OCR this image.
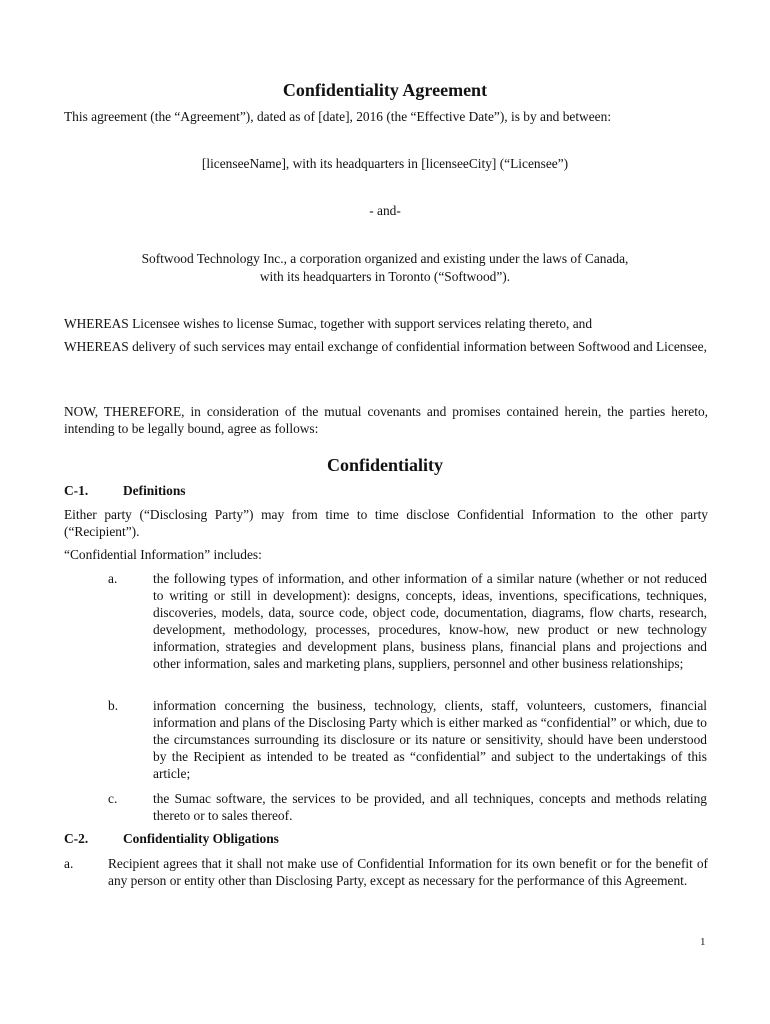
Confidentiality Agreement
This agreement (the “Agreement”), dated as of [date], 2016 (the “Effective Date”), is by and between:
[licenseeName], with its headquarters in [licenseeCity] (“Licensee”)
- and-
Softwood Technology Inc., a corporation organized and existing under the laws of Canada,
with its headquarters in Toronto (“Softwood”).
WHEREAS Licensee wishes to license Sumac, together with support services relating thereto, and
WHEREAS delivery of such services may entail exchange of confidential information between Softwood and Licensee,
NOW, THEREFORE, in consideration of the mutual covenants and promises contained herein, the parties hereto, intending to be legally bound, agree as follows:
Confidentiality
C-1.	Definitions
Either party (“Disclosing Party”) may from time to time disclose Confidential Information to the other party (“Recipient”).
“Confidential Information” includes:
a.	the following types of information, and other information of a similar nature (whether or not reduced to writing or still in development): designs, concepts, ideas, inventions, specifications, techniques, discoveries, models, data, source code, object code, documentation, diagrams, flow charts, research, development, methodology, processes, procedures, know-how, new product or new technology information, strategies and development plans, business plans, financial plans and projections and other information, sales and marketing plans, suppliers, personnel and other business relationships;
b.	information concerning the business, technology, clients, staff, volunteers, customers, financial information and plans of the Disclosing Party which is either marked as “confidential” or which, due to the circumstances surrounding its disclosure or its nature or sensitivity, should have been understood by the Recipient as intended to be treated as “confidential” and subject to the undertakings of this article;
c.	the Sumac software, the services to be provided, and all techniques, concepts and methods relating thereto or to sales thereof.
C-2.	Confidentiality Obligations
a.	Recipient agrees that it shall not make use of Confidential Information for its own benefit or for the benefit of any person or entity other than Disclosing Party, except as necessary for the performance of this Agreement.
1
